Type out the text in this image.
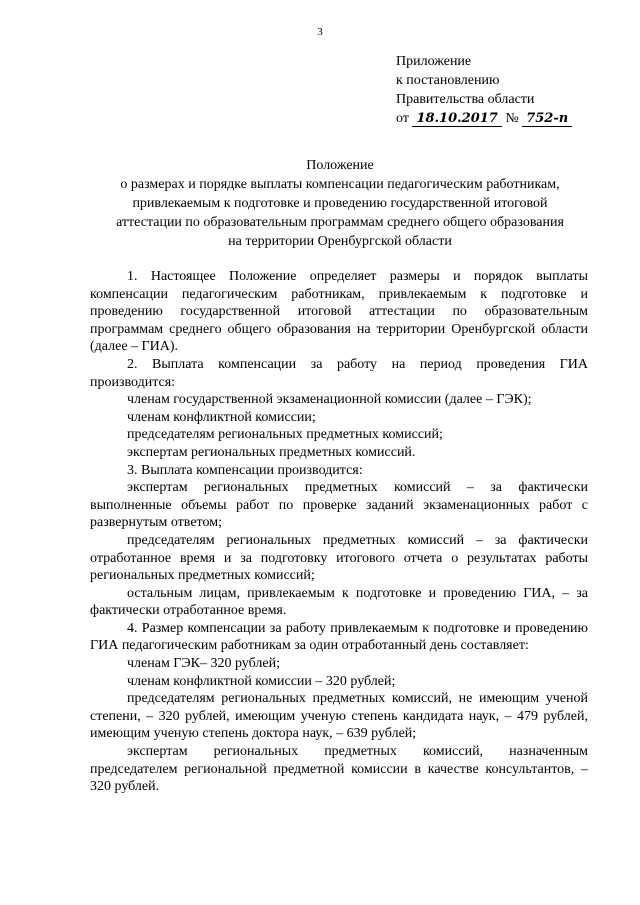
3
Приложение
к постановлению
Правительства области
от 18.10.2017 № 752-п
Положение
о размерах и порядке выплаты компенсации педагогическим работникам,
привлекаемым к подготовке и проведению государственной итоговой
аттестации по образовательным программам среднего общего образования
на территории Оренбургской области

1. Настоящее Положение определяет размеры и порядок выплаты компенсации педагогическим работникам, привлекаемым к подготовке и проведению государственной итоговой аттестации по образовательным программам среднего общего образования на территории Оренбургской области (далее – ГИА).

2. Выплата компенсации за работу на период проведения ГИА производится:

членам государственной экзаменационной комиссии (далее – ГЭК);

членам конфликтной комиссии;

председателям региональных предметных комиссий;

экспертам региональных предметных комиссий.

3. Выплата компенсации производится:

экспертам региональных предметных комиссий – за фактически выполненные объемы работ по проверке заданий экзаменационных работ с развернутым ответом;

председателям региональных предметных комиссий – за фактически отработанное время и за подготовку итогового отчета о результатах работы региональных предметных комиссий;

остальным лицам, привлекаемым к подготовке и проведению ГИА, – за фактически отработанное время.

4. Размер компенсации за работу привлекаемым к подготовке и проведению ГИА педагогическим работникам за один отработанный день составляет:

членам ГЭК– 320 рублей;

членам конфликтной комиссии – 320 рублей;

председателям региональных предметных комиссий, не имеющим ученой степени, – 320 рублей, имеющим ученую степень кандидата наук, – 479 рублей, имеющим ученую степень доктора наук, – 639 рублей;

экспертам региональных предметных комиссий, назначенным председателем региональной предметной комиссии в качестве консультантов, – 320 рублей.
